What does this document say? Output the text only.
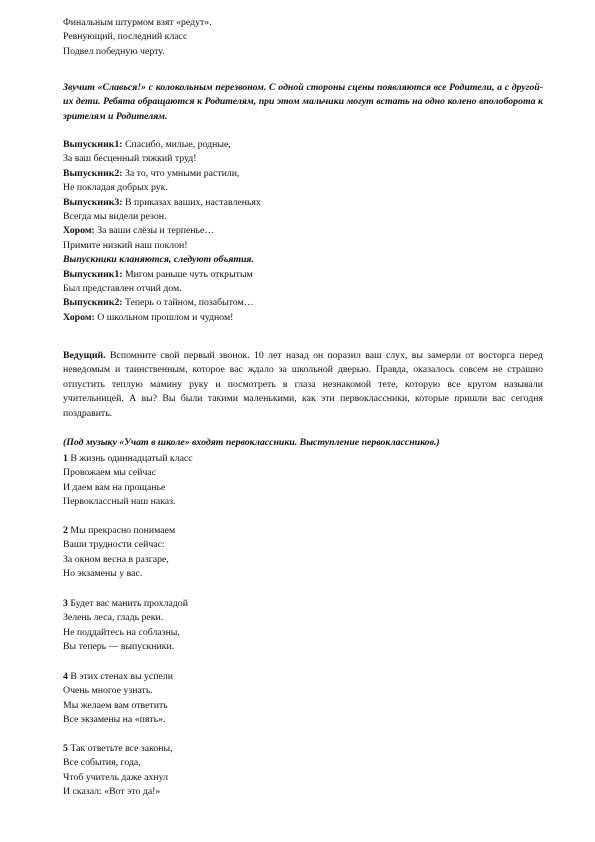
Финальным штурмом взят «редут».
Ревнующий, последний класс
Подвел победную черту.
Звучит «Славься!» с колокольным перезвоном. С одной стороны сцены появляются все Родители, а с другой- их дети. Ребята обращаются к Родителям, при этом мальчики могут встать на одно колено вполоборота к зрителям и Родителям.
Выпускник1: Спасибо, милые, родные,
За ваш бесценный тяжкий труд!
Выпускник2: За то, что умными растили,
Не покладая добрых рук.
Выпускник3: В приказах ваших, наставленьях
Всегда мы видели резон.
Хором: За ваши слёзы и терпенье…
Примите низкий наш поклон!
Выпускники кланяются, следуют объятия.
Выпускник1: Мигом раньше чуть открытым
Был представлен отчий дом.
Выпускник2: Теперь о тайном, позабытом…
Хором: О школьном прошлом и чудном!
Ведущий. Вспомните свой первый звонок. 10 лет назад он поразил ваш слух, вы замерли от восторга перед неведомым и таинственным, которое вас ждало за школьной дверью. Правда, оказалось совсем не страшно отпустить теплую мамину руку и посмотреть в глаза незнакомой тете, которую все кругом называли учительницей. А вы? Вы были такими маленькими, как эти первоклассники, которые пришли вас сегодня поздравить.
(Под музыку «Учат в школе» входят первоклассники. Выступление первоклассников.)
1 В жизнь одиннадцатый класс
Провожаем мы сейчас
И даем вам на прощанье
Первоклассный наш наказ.
2 Мы прекрасно понимаем
Ваши трудности сейчас:
За окном весна в разгаре,
Но экзамены у вас.
3 Будет вас манить прохладой
Зелень леса, гладь реки.
Не поддайтесь на соблазны,
Вы теперь — выпускники.
4 В этих стенах вы успели
Очень многое узнать.
Мы желаем вам ответить
Все экзамены на «пять».
5 Так ответьте все законы,
Все события, года,
Чтоб учитель даже ахнул
И сказал: «Вот это да!»
